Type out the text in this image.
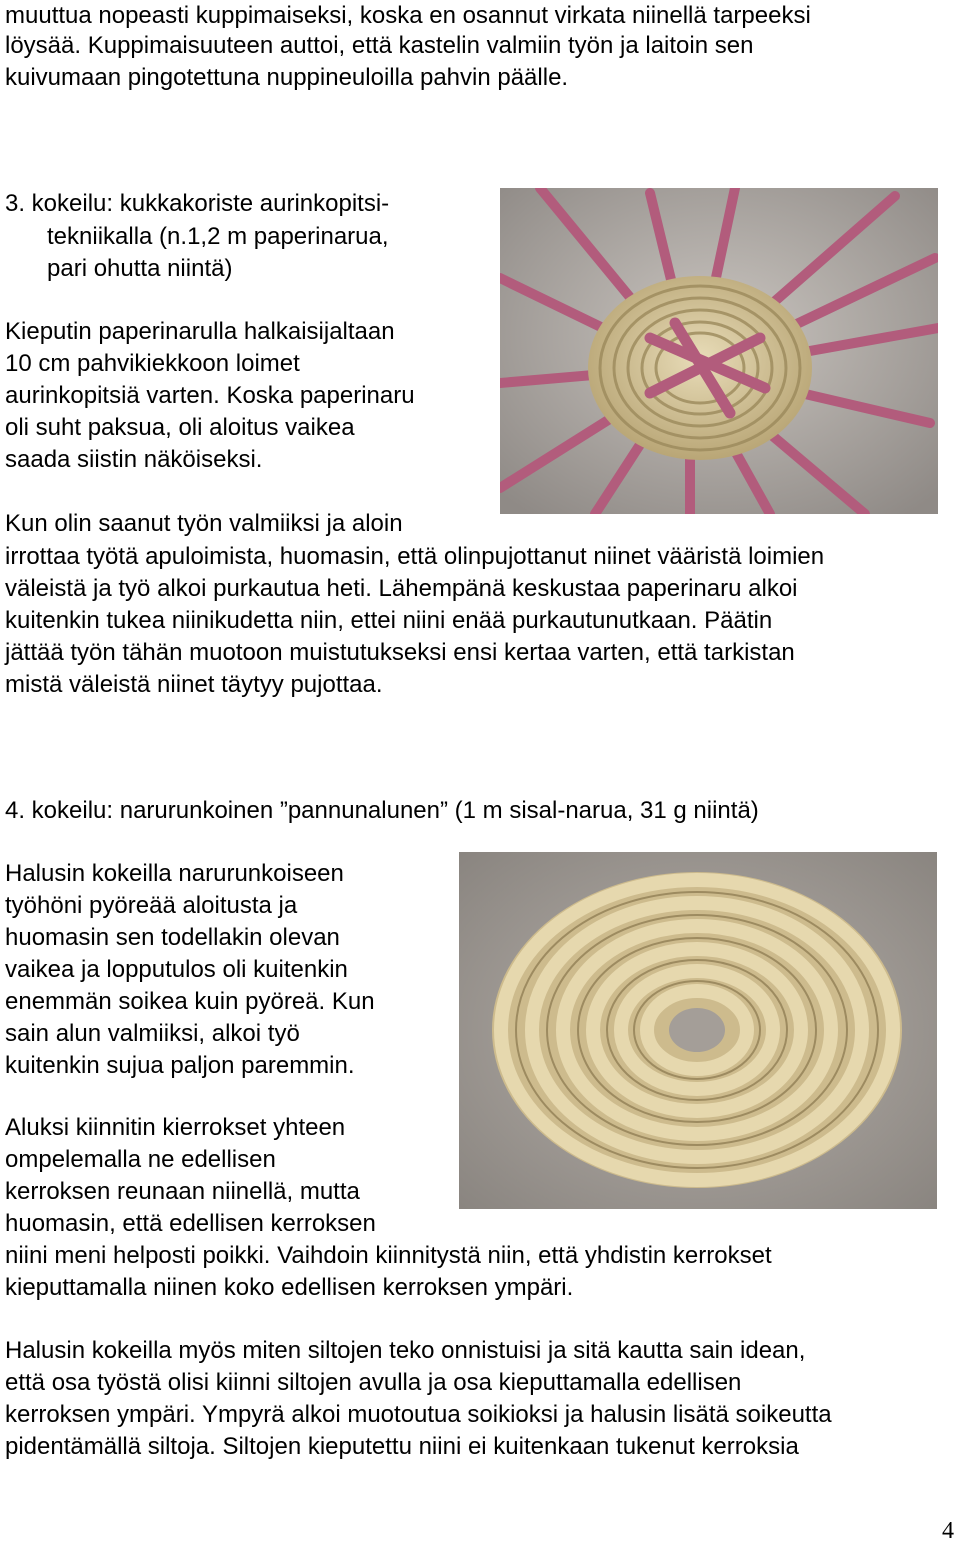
muuttua nopeasti kuppimaiseksi, koska en osannut virkata niinellä tarpeeksi
löysää. Kuppimaisuuteen auttoi, että kastelin valmiin työn ja laitoin sen
kuivumaan pingotettuna nuppineuloilla pahvin päälle.
3. kokeilu: kukkakoriste aurinkopitsi-
tekniikalla (n.1,2 m paperinarua,
pari ohutta niintä)
Kieputin paperinarulla halkaisijaltaan
10 cm pahvikiekkoon loimet
aurinkopitsiä varten. Koska paperinaru
oli suht paksua, oli aloitus vaikea
saada siistin näköiseksi.
Kun olin saanut työn valmiiksi ja aloin
irrottaa työtä apuloimista, huomasin, että olinpujottanut niinet vääristä loimien
väleistä ja työ alkoi purkautua heti. Lähempänä keskustaa paperinaru alkoi
kuitenkin tukea niinikudetta niin, ettei niini enää purkautunutkaan. Päätin
jättää työn tähän muotoon muistutukseksi ensi kertaa varten, että tarkistan
mistä väleistä niinet täytyy pujottaa.
4. kokeilu: narurunkoinen ”pannunalunen” (1 m sisal-narua, 31 g niintä)
Halusin kokeilla narurunkoiseen
työhöni pyöreää aloitusta ja
huomasin sen todellakin olevan
vaikea ja lopputulos oli kuitenkin
enemmän soikea kuin pyöreä. Kun
sain alun valmiiksi, alkoi työ
kuitenkin sujua paljon paremmin.
Aluksi kiinnitin kierrokset yhteen
ompelemalla ne edellisen
kerroksen reunaan niinellä, mutta
huomasin, että edellisen kerroksen
niini meni helposti poikki. Vaihdoin kiinnitystä niin, että yhdistin kerrokset
kieputtamalla niinen koko edellisen kerroksen ympäri.
Halusin kokeilla myös miten siltojen teko onnistuisi ja sitä kautta sain idean,
että osa työstä olisi kiinni siltojen avulla ja osa kieputtamalla edellisen
kerroksen ympäri. Ympyrä alkoi muotoutua soikioksi ja halusin lisätä soikeutta
pidentämällä siltoja. Siltojen kieputettu niini ei kuitenkaan tukenut kerroksia
4
